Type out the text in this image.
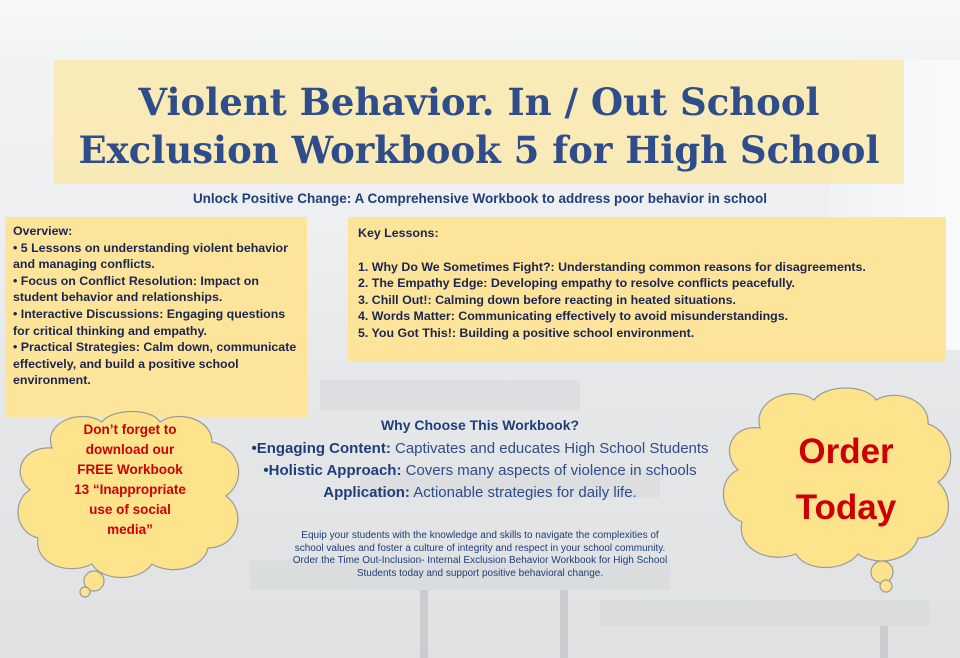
Violent Behavior. In / Out School
Exclusion Workbook 5 for High School
Unlock Positive Change: A Comprehensive Workbook to address poor behavior in school

Overview:

• 5 Lessons on understanding violent behavior and managing conflicts.

• Focus on Conflict Resolution: Impact on student behavior and relationships.

• Interactive Discussions: Engaging questions for critical thinking and empathy.

• Practical Strategies: Calm down, communicate effectively, and build a positive school environment.

Key Lessons:

1. Why Do We Sometimes Fight?: Understanding common reasons for disagreements.

2. The Empathy Edge: Developing empathy to resolve conflicts peacefully.

3. Chill Out!: Calming down before reacting in heated situations.

4. Words Matter: Communicating effectively to avoid misunderstandings.

5. You Got This!: Building a positive school environment.

Why Choose This Workbook?
•Engaging Content: Captivates and educates High School Students
•Holistic Approach: Covers many aspects of violence in schools
Application: Actionable strategies for daily life.
Equip your students with the knowledge and skills to navigate the complexities of
school values and foster a culture of integrity and respect in your school community.
Order the Time Out-Inclusion- Internal Exclusion Behavior Workbook for High School
Students today and support positive behavioral change.
Don’t forget to
download our
FREE Workbook
13 “Inappropriate
use of social
media”
Order
Today
